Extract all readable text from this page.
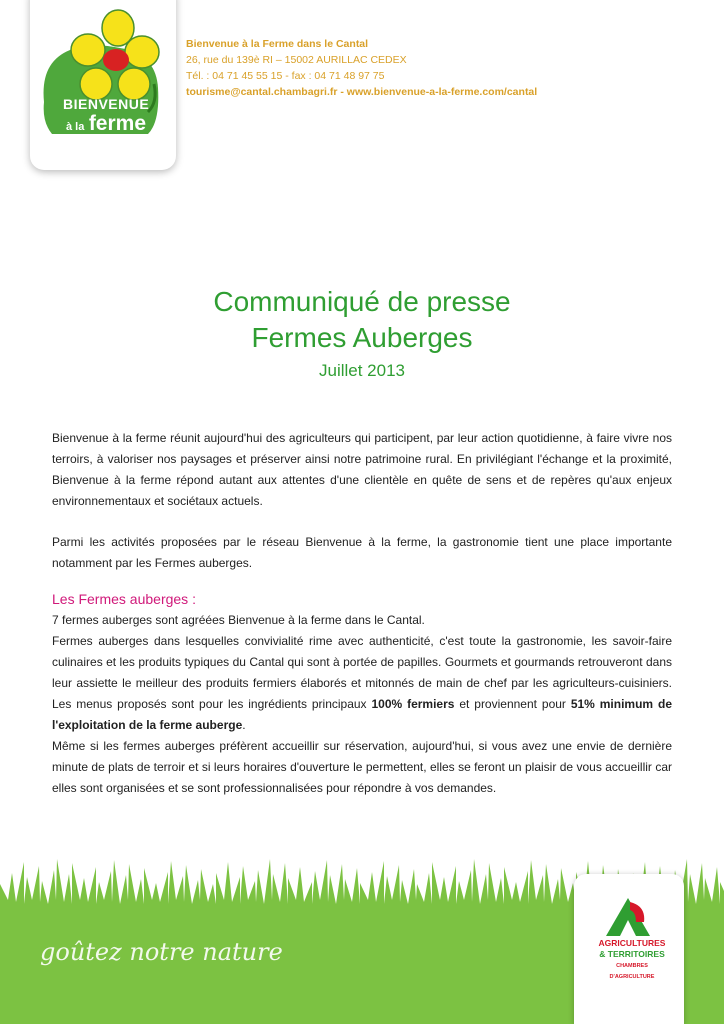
BIENVENUE
à la ferme
Bienvenue à la Ferme dans le Cantal
26, rue du 139è RI – 15002 AURILLAC CEDEX
Tél. : 04 71 45 55 15 - fax : 04 71 48 97 75
tourisme@cantal.chambagri.fr - www.bienvenue-a-la-ferme.com/cantal
Communiqué de presse
Fermes Auberges
Juillet 2013

Bienvenue à la ferme réunit aujourd'hui des agriculteurs qui participent, par leur action quotidienne, à faire vivre nos terroirs, à valoriser nos paysages et préserver ainsi notre patrimoine rural. En privilégiant l'échange et la proximité, Bienvenue à la ferme répond autant aux attentes d'une clientèle en quête de sens et de repères qu'aux enjeux environnementaux et sociétaux actuels.

Parmi les activités proposées par le réseau Bienvenue à la ferme, la gastronomie tient une place importante notamment par les Fermes auberges.

Les Fermes auberges :

7 fermes auberges sont agréées Bienvenue à la ferme dans le Cantal.

Fermes auberges dans lesquelles convivialité rime avec authenticité, c'est toute la gastronomie, les savoir-faire culinaires et les produits typiques du Cantal qui sont à portée de papilles. Gourmets et gourmands retrouveront dans leur assiette le meilleur des produits fermiers élaborés et mitonnés de main de chef par les agriculteurs-cuisiniers. Les menus proposés sont pour les ingrédients principaux 100% fermiers et proviennent pour 51% minimum de l'exploitation de la ferme auberge.

Même si les fermes auberges préfèrent accueillir sur réservation, aujourd'hui, si vous avez une envie de dernière minute de plats de terroir et si leurs horaires d'ouverture le permettent, elles se feront un plaisir de vous accueillir car elles sont organisées et se sont professionnalisées pour répondre à vos demandes.

goûtez notre nature	AGRICULTURES
& TERRITOIRES
CHAMBRES D'AGRICULTURE
